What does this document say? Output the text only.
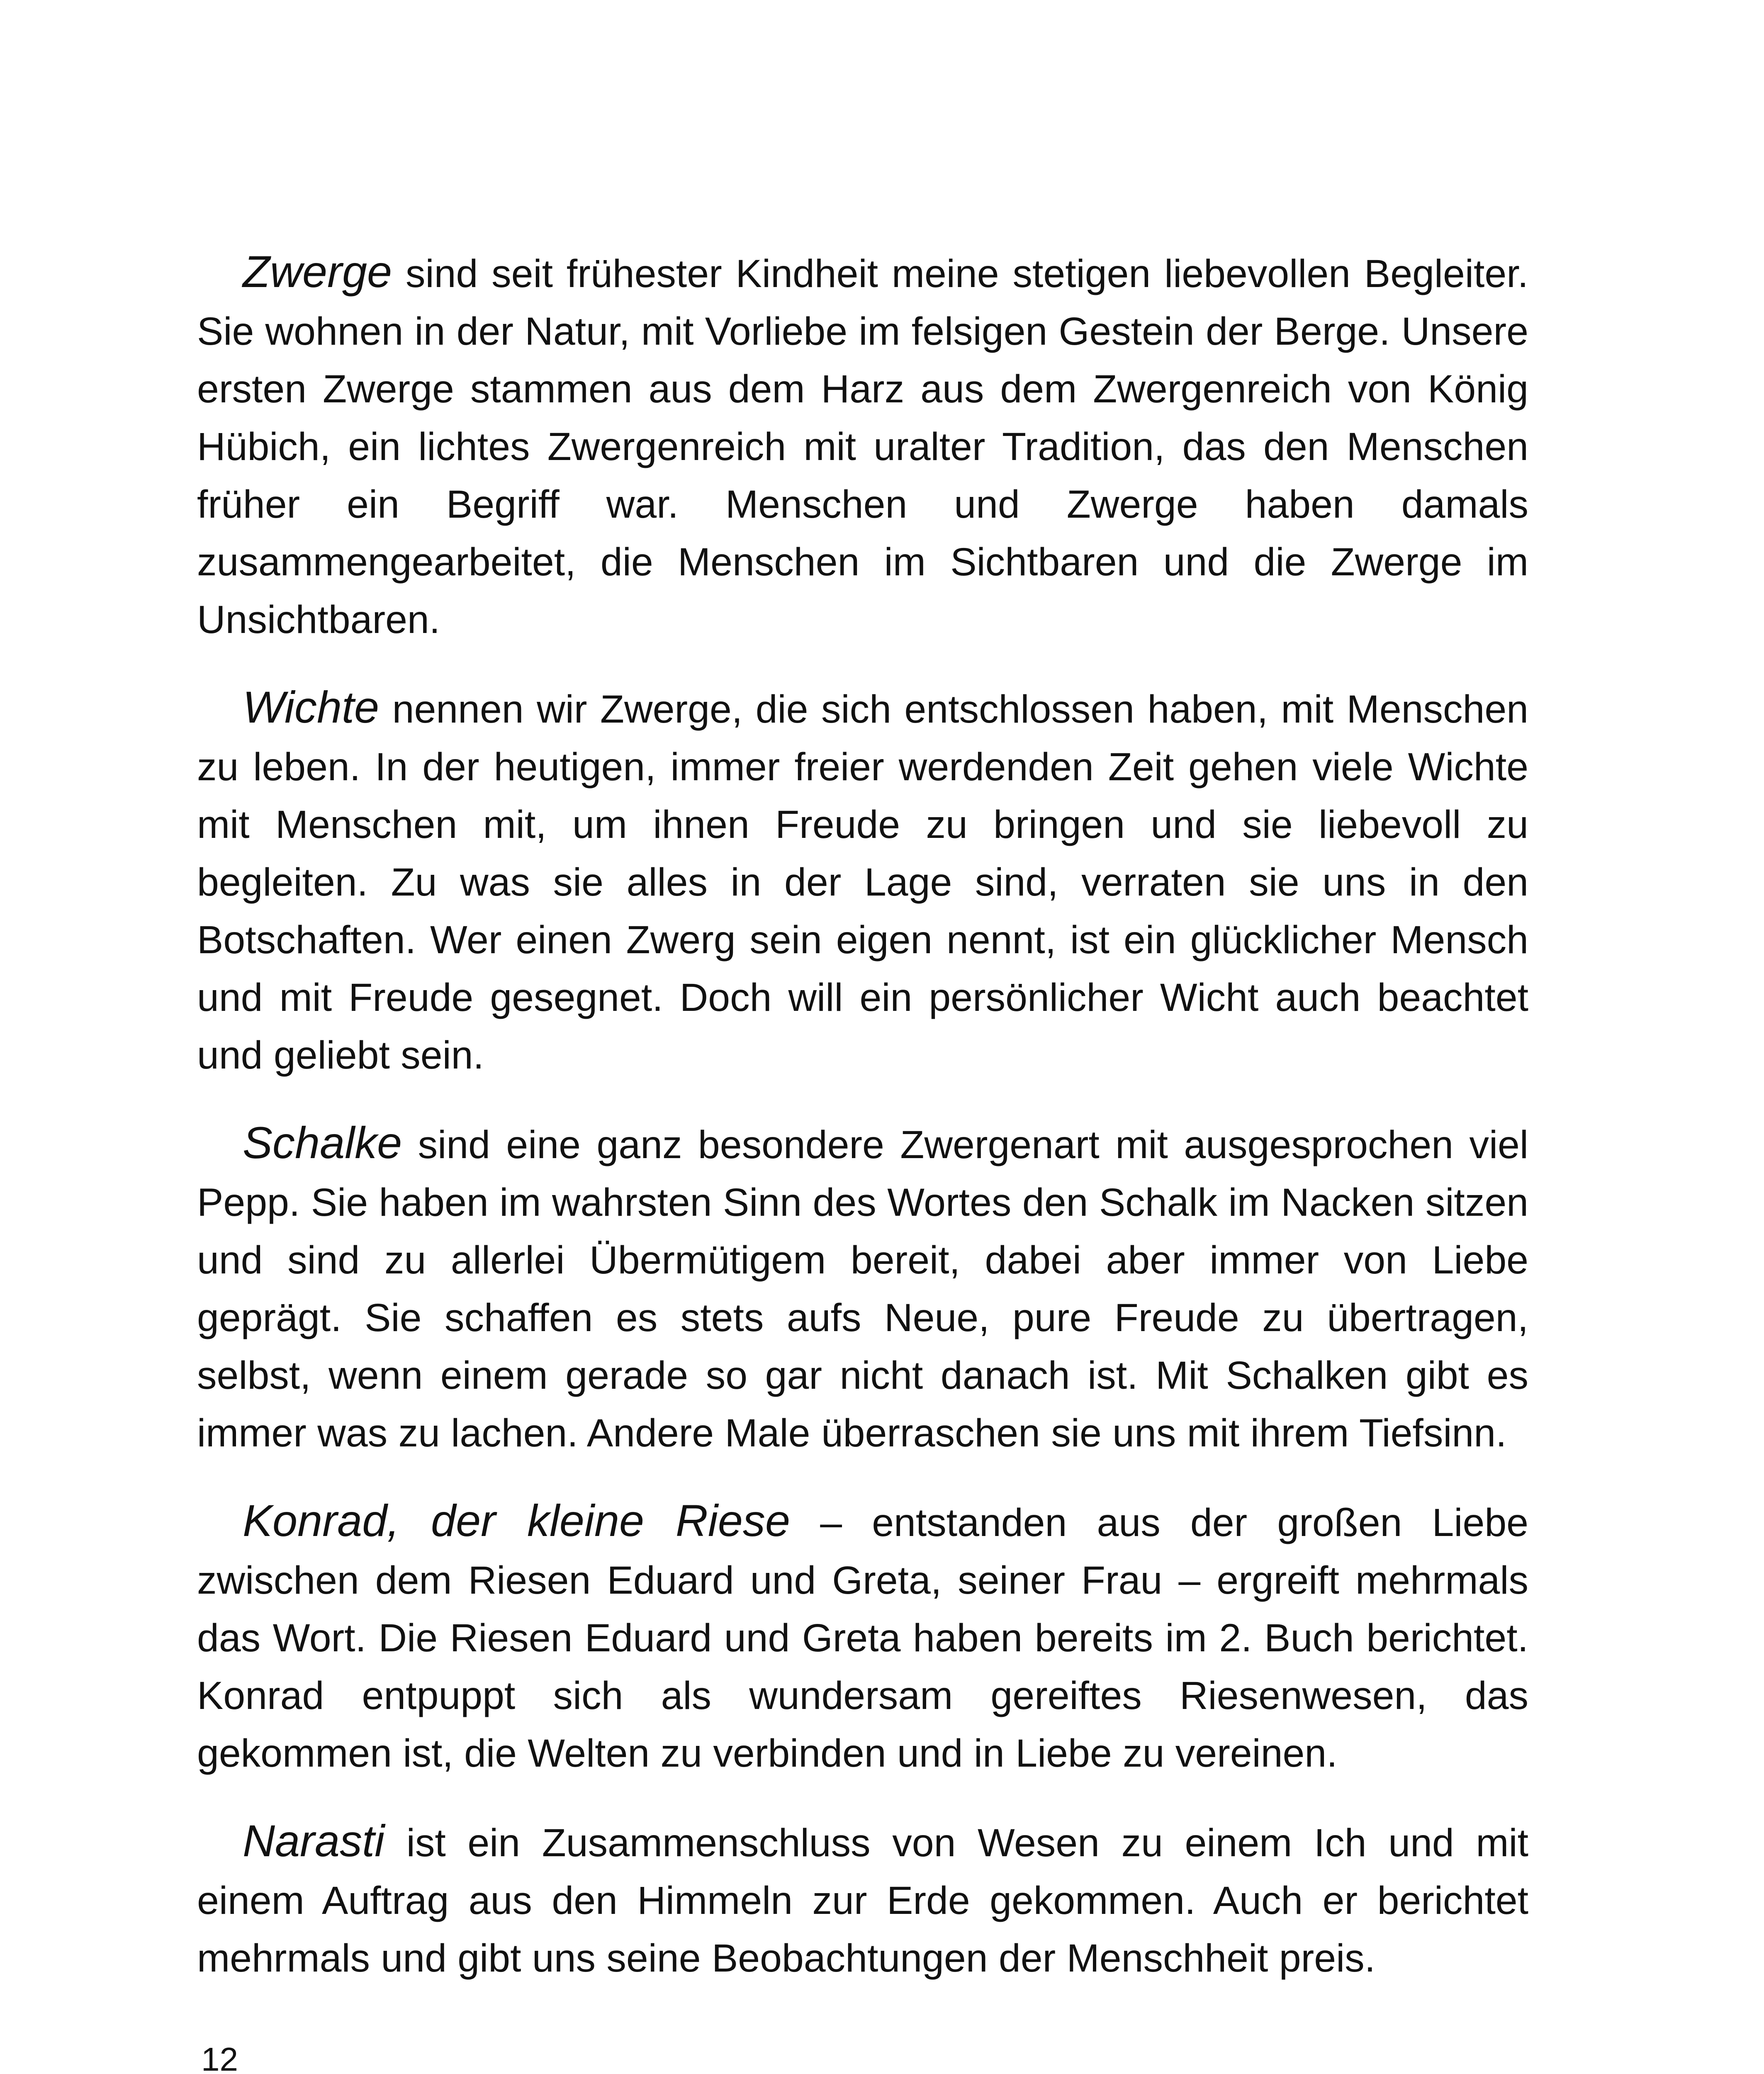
Zwerge sind seit frühester Kindheit meine stetigen liebevollen Begleiter. Sie wohnen in der Natur, mit Vorliebe im felsigen Gestein der Berge. Unsere ersten Zwerge stammen aus dem Harz aus dem Zwergenreich von König Hübich, ein lichtes Zwergenreich mit uralter Tradition, das den Menschen früher ein Begriff war. Menschen und Zwerge haben damals zusammengearbeitet, die Menschen im Sichtbaren und die Zwerge im Unsichtbaren.

Wichte nennen wir Zwerge, die sich entschlossen haben, mit Menschen zu leben. In der heutigen, immer freier werdenden Zeit gehen viele Wichte mit Menschen mit, um ihnen Freude zu bringen und sie liebevoll zu begleiten. Zu was sie alles in der Lage sind, verraten sie uns in den Botschaften. Wer einen Zwerg sein eigen nennt, ist ein glücklicher Mensch und mit Freude gesegnet. Doch will ein persönlicher Wicht auch beachtet und geliebt sein.

Schalke sind eine ganz besondere Zwergenart mit ausgesprochen viel Pepp. Sie haben im wahrsten Sinn des Wortes den Schalk im Nacken sitzen und sind zu allerlei Übermütigem bereit, dabei aber immer von Liebe geprägt. Sie schaffen es stets aufs Neue, pure Freude zu übertragen, selbst, wenn einem gerade so gar nicht danach ist. Mit Schalken gibt es immer was zu lachen. Andere Male überraschen sie uns mit ihrem Tiefsinn.

Konrad, der kleine Riese – entstanden aus der großen Liebe zwischen dem Riesen Eduard und Greta, seiner Frau – ergreift mehrmals das Wort. Die Riesen Eduard und Greta haben bereits im 2. Buch berichtet. Konrad entpuppt sich als wundersam gereiftes Riesenwesen, das gekommen ist, die Welten zu verbinden und in Liebe zu vereinen.

Narasti ist ein Zusammenschluss von Wesen zu einem Ich und mit einem Auftrag aus den Himmeln zur Erde gekommen. Auch er berichtet mehrmals und gibt uns seine Beobachtungen der Menschheit preis.

12
